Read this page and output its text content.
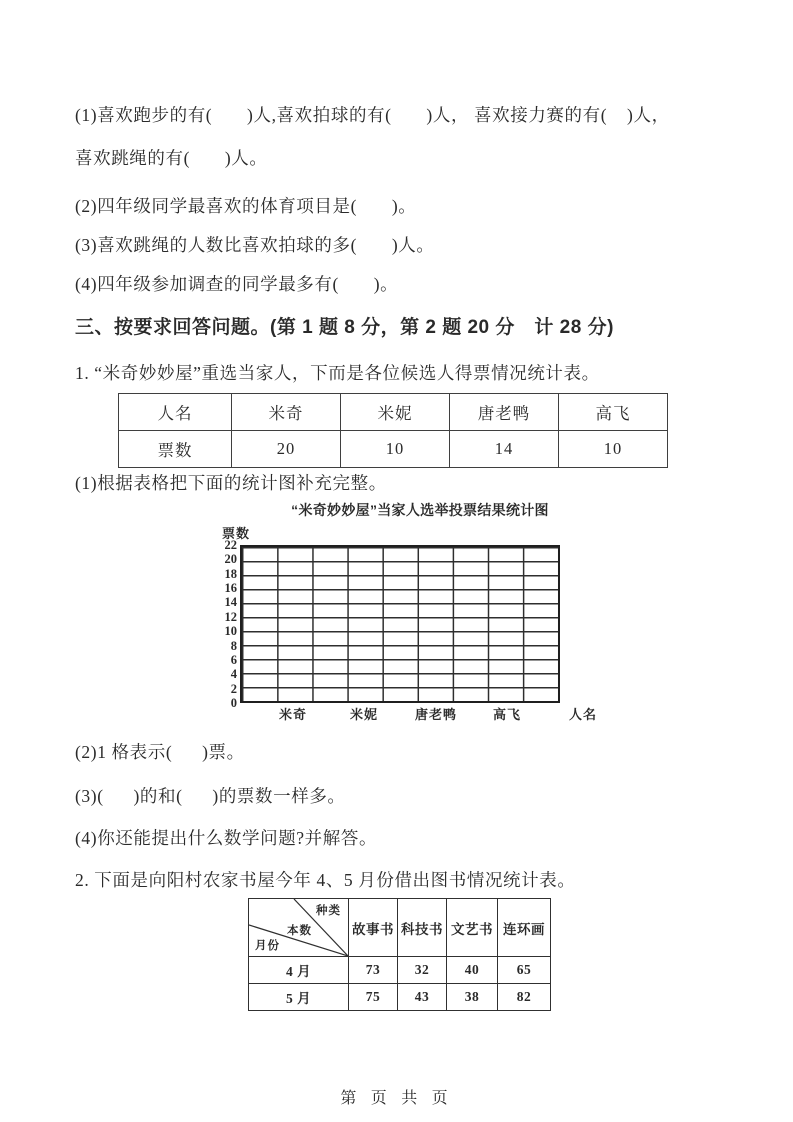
(1)喜欢跑步的有(       )人,喜欢拍球的有(       )人， 喜欢接力赛的有(    )人，
喜欢跳绳的有(       )人。
(2)四年级同学最喜欢的体育项目是(       )。
(3)喜欢跳绳的人数比喜欢拍球的多(       )人。
(4)四年级参加调查的同学最多有(       )。
三、按要求回答问题。(第 1 题 8 分，第 2 题 20 分　计 28 分)
1. “米奇妙妙屋”重选当家人，下而是各位候选人得票情况统计表。
人名	米奇	米妮	唐老鸭	高飞
票数	20	10	14	10
(1)根据表格把下面的统计图补充完整。
“米奇妙妙屋”当家人选举投票结果统计图
票数
22
20
18
16
14
12
10
8
6
4
2
0
米奇	米妮	唐老鸭	高飞	人名
(2)1 格表示(      )票。
(3)(      )的和(      )的票数一样多。
(4)你还能提出什么数学问题?并解答。
2. 下面是向阳村农家书屋今年 4、5 月份借出图书情况统计表。
种类
本数
月份	故事书	科技书	文艺书	连环画
4 月	73	32	40	65
5 月	75	43	38	82
第 页 共 页
